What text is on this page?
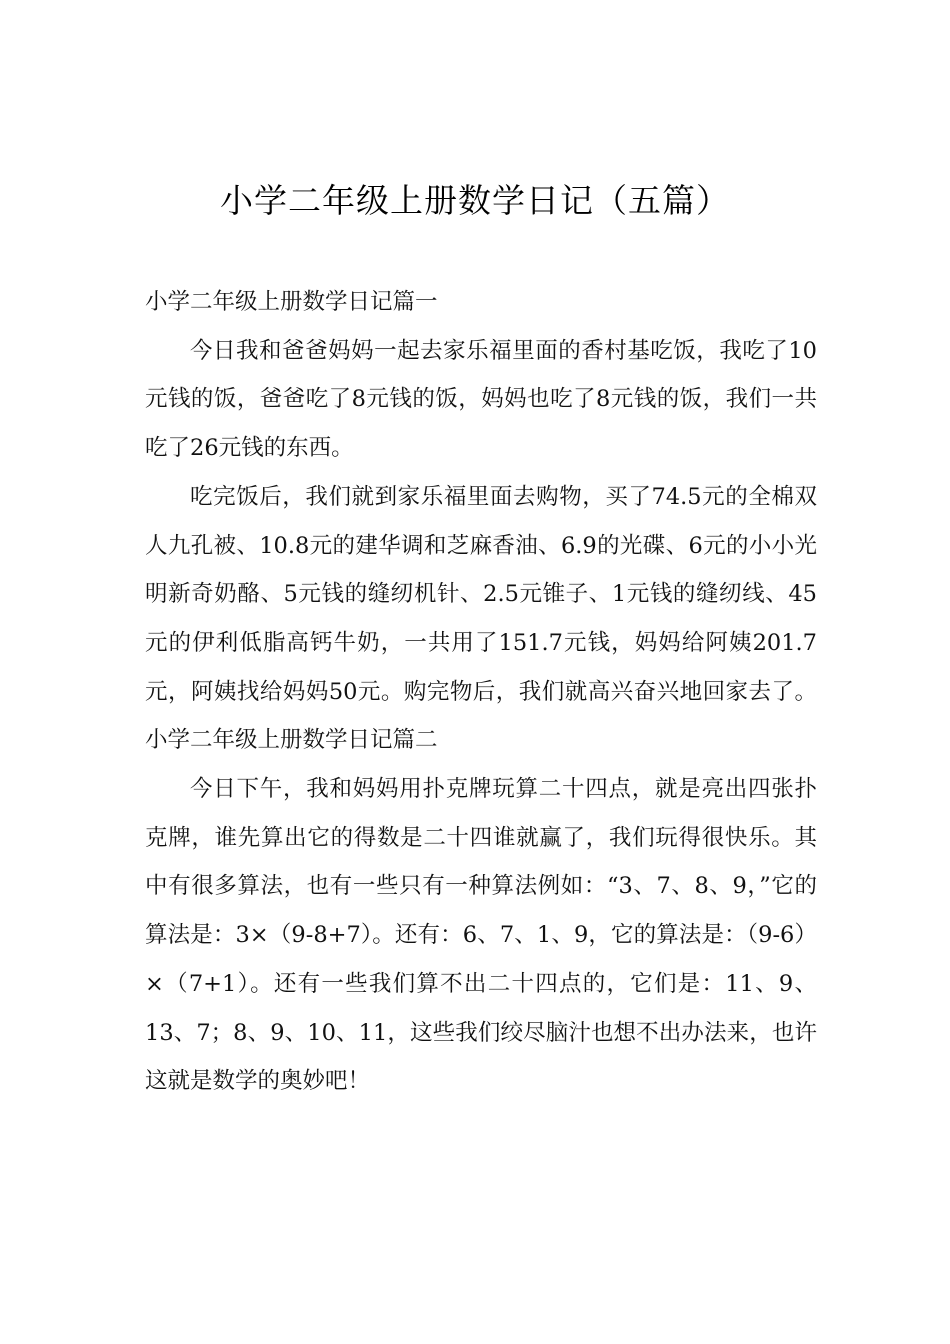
小学二年级上册数学日记（五篇）

小学二年级上册数学日记篇一

今日我和爸爸妈妈一起去家乐福里面的香村基吃饭，我吃了10元钱的饭，爸爸吃了8元钱的饭，妈妈也吃了8元钱的饭，我们一共吃了26元钱的东西。

吃完饭后，我们就到家乐福里面去购物，买了74.5元的全棉双人九孔被、10.8元的建华调和芝麻香油、6.9的光碟、6元的小小光明新奇奶酪、5元钱的缝纫机针、2.5元锥子、1元钱的缝纫线、45元的伊利低脂高钙牛奶，一共用了151.7元钱，妈妈给阿姨201.7元，阿姨找给妈妈50元。购完物后，我们就高兴奋兴地回家去了。小学二年级上册数学日记篇二

今日下午，我和妈妈用扑克牌玩算二十四点，就是亮出四张扑克牌，谁先算出它的得数是二十四谁就赢了，我们玩得很快乐。其中有很多算法，也有一些只有一种算法例如：“3、7、8、9，”它的算法是：3×（9-8+7）。还有：6、7、1、9，它的算法是：（9-6）×（7+1）。还有一些我们算不出二十四点的，它们是：11、9、13、7；8、9、10、11，这些我们绞尽脑汁也想不出办法来，也许这就是数学的奥妙吧！
